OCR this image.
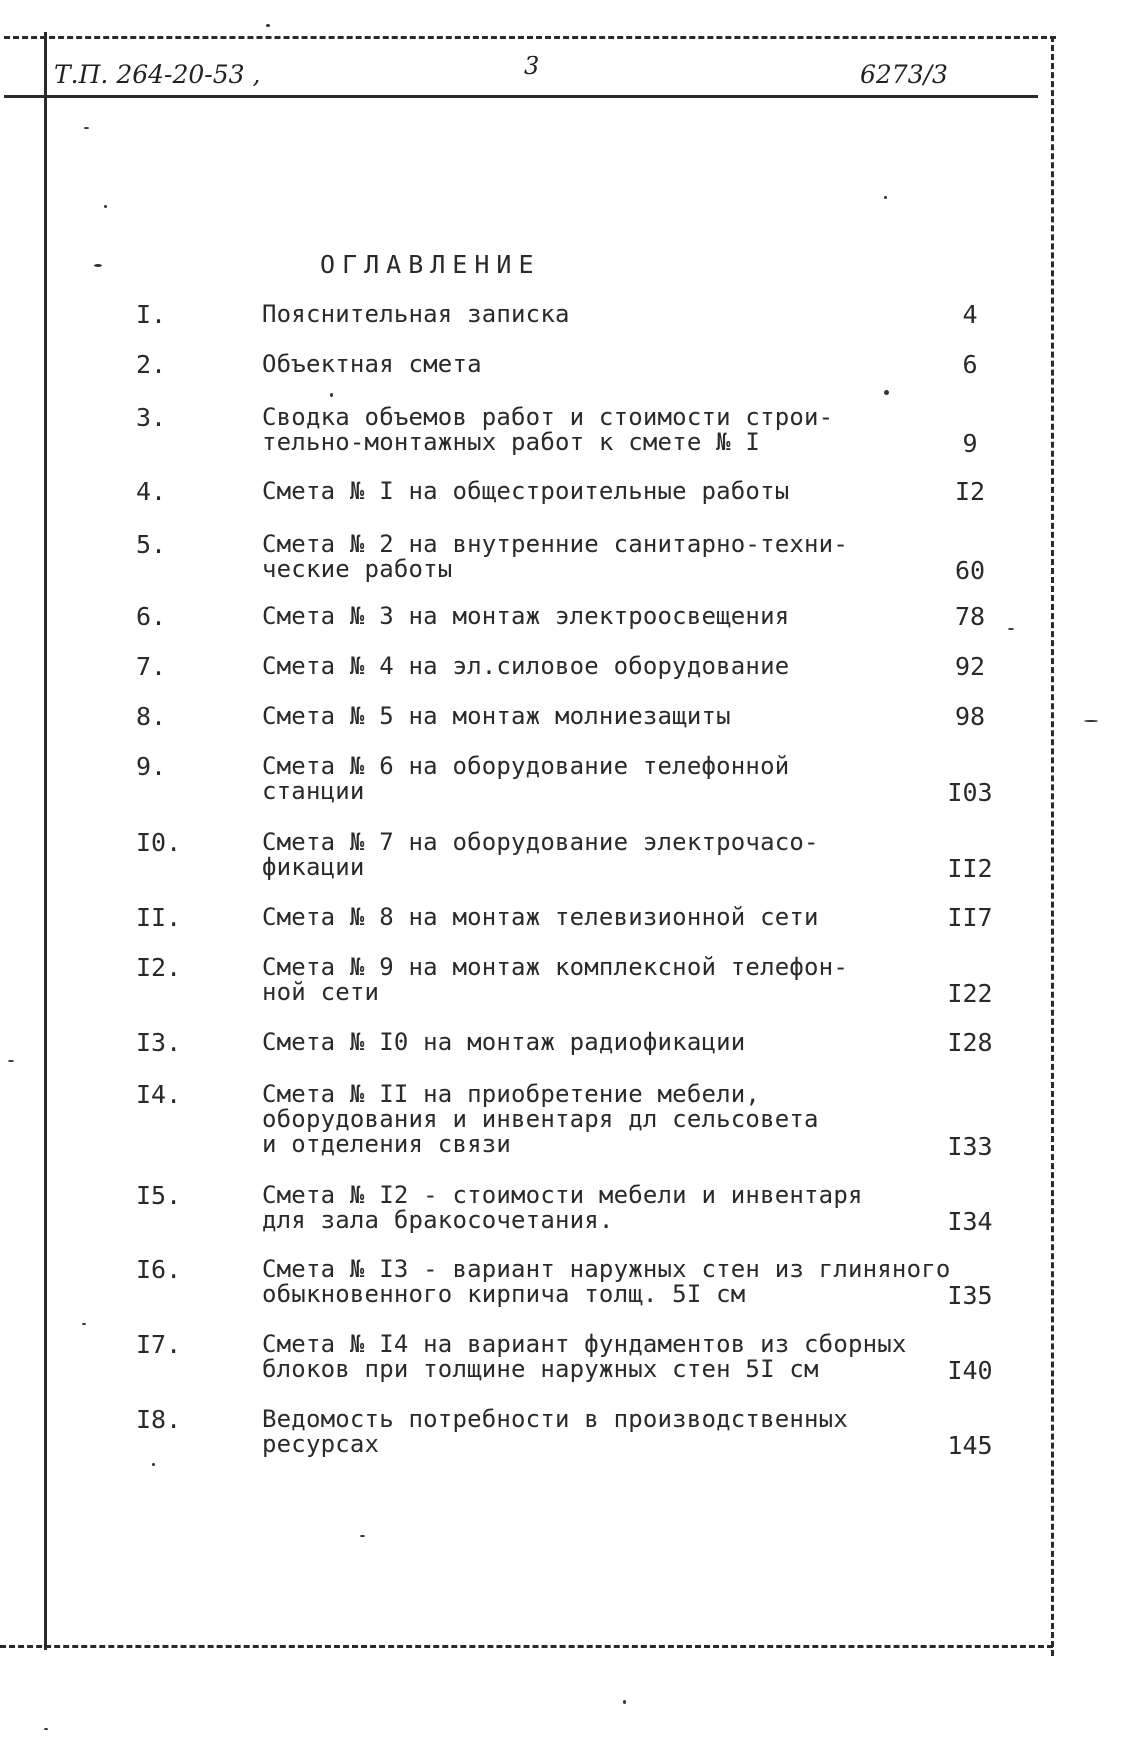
Т.П. 264-20-53 ,	3	6273/3
ОГЛАВЛЕНИЕ
I.	Пояснительная записка	4
2.	Объектная смета	6
3.	Сводка объемов работ и стоимости строи-
тельно-монтажных работ к смете № I	9
4.	Смета № I на общестроительные работы	I2
5.	Смета № 2 на внутренние санитарно-техни-
ческие работы	60
6.	Смета № 3 на монтаж электроосвещения	78
7.	Смета № 4 на эл.силовое оборудование	92
8.	Смета № 5 на монтаж молниезащиты	98
9.	Смета № 6 на оборудование телефонной
станции	I03
I0.	Смета № 7 на оборудование электрочасо-
фикации	II2
II.	Смета № 8 на монтаж телевизионной сети	II7
I2.	Смета № 9 на монтаж комплексной телефон-
ной сети	I22
I3.	Смета № I0 на монтаж радиофикации	I28
I4.	Смета № II на приобретение мебели,
оборудования и инвентаря дл сельсовета
и отделения связи	I33
I5.	Смета № I2 - стоимости мебели и инвентаря
для зала бракосочетания.	I34
I6.	Смета № I3 - вариант наружных стен из глиняного
обыкновенного кирпича толщ. 5I см	I35
I7.	Смета № I4 на вариант фундаментов из сборных
блоков при толщине наружных стен 5I см	I40
I8.	Ведомость потребности в производственных
ресурсах	145
